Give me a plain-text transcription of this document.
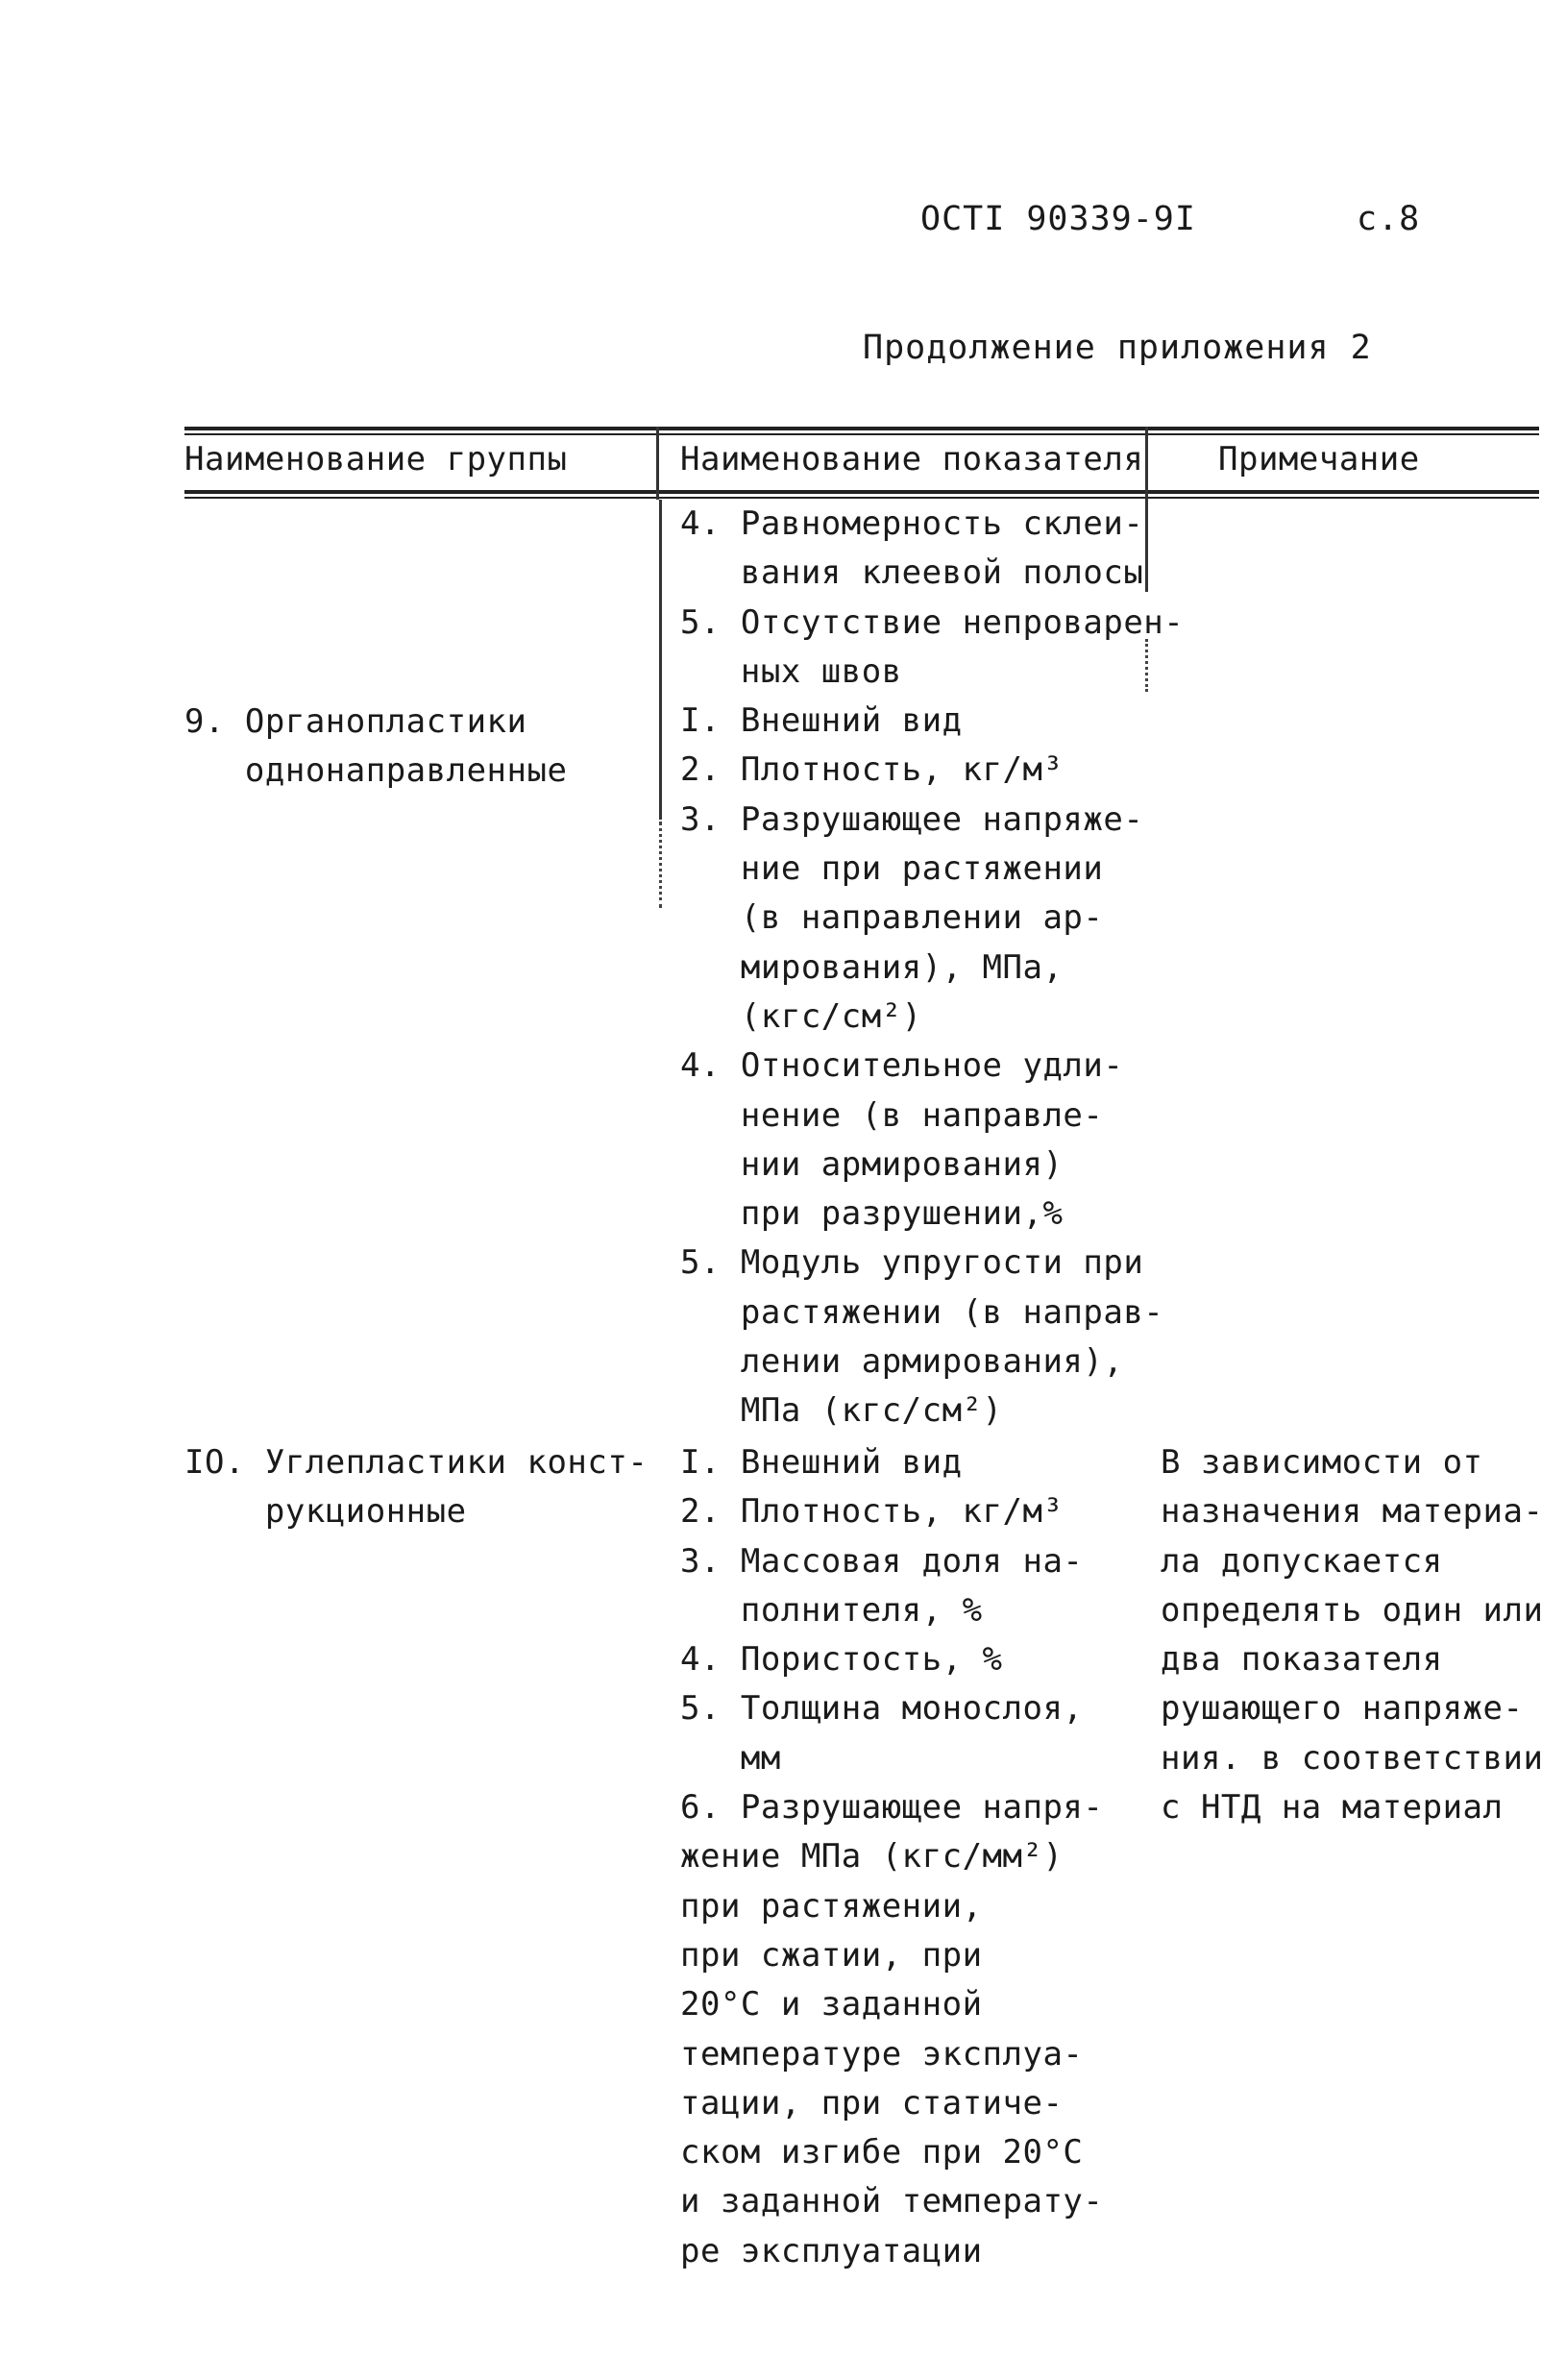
ОСТI 90339-9I	с.8
Продолжение приложения 2
Наименование группы	Наименование показателя Примечание
4. Равномерность склеи-
вания клеевой полосы
5. Отсутствие непроварен-
ных швов
I. Внешний вид
2. Плотность, кг/м³
3. Разрушающее напряже-
ние при растяжении
(в направлении ар-
мирования), МПа,
(кгс/см²)
4. Относительное удли-
нение (в направле-
нии армирования)
при разрушении,%
5. Модуль упругости при
растяжении (в направ-
лении армирования),
МПа (кгс/см²)
9. Органопластики
однонаправленные
IO. Углепластики конст-
рукционные
I. Внешний вид
2. Плотность, кг/м³
3. Массовая доля на-
полнителя, %
4. Пористость, %
5. Толщина монослоя,
мм
6. Разрушающее напря-
жение МПа (кгс/мм²)
при растяжении,
при сжатии, при
20°С и заданной
температуре эксплуа-
тации, при статиче-
ском изгибе при 20°С
и заданной температу-
ре эксплуатации
В зависимости от
назначения материа-
ла допускается
определять один или
два показателя
рушающего напряже-
ния. в соответствии
с НТД на материал
